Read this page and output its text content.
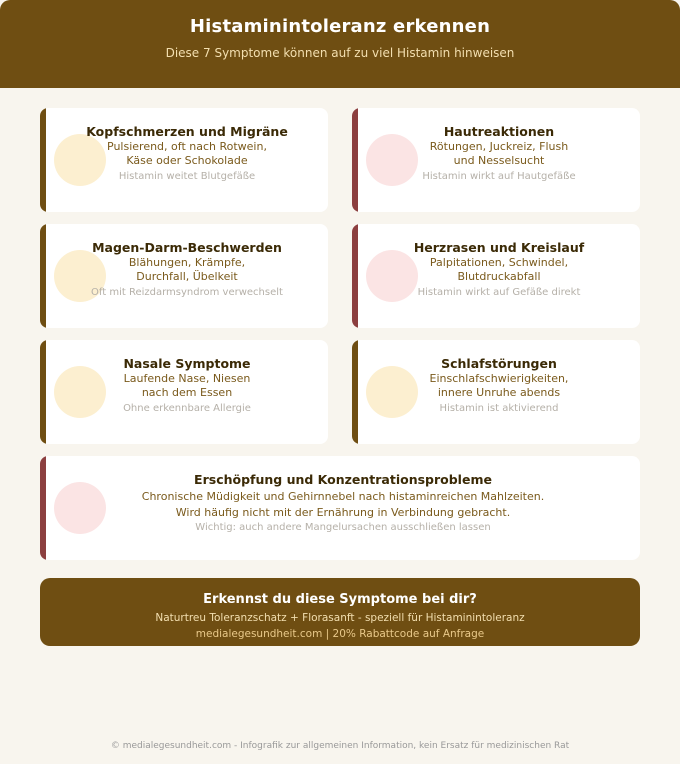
Histaminintoleranz erkennen
Diese 7 Symptome können auf zu viel Histamin hinweisen
Kopfschmerzen und Migräne
Pulsierend, oft nach Rotwein,
Käse oder Schokolade
Histamin weitet Blutgefäße
Hautreaktionen
Rötungen, Juckreiz, Flush
und Nesselsucht
Histamin wirkt auf Hautgefäße
Magen-Darm-Beschwerden
Blähungen, Krämpfe,
Durchfall, Übelkeit
Oft mit Reizdarmsyndrom verwechselt
Herzrasen und Kreislauf
Palpitationen, Schwindel,
Blutdruckabfall
Histamin wirkt auf Gefäße direkt
Nasale Symptome
Laufende Nase, Niesen
nach dem Essen
Ohne erkennbare Allergie
Schlafstörungen
Einschlafschwierigkeiten,
innere Unruhe abends
Histamin ist aktivierend
Erschöpfung und Konzentrationsprobleme
Chronische Müdigkeit und Gehirnnebel nach histaminreichen Mahlzeiten.
Wird häufig nicht mit der Ernährung in Verbindung gebracht.
Wichtig: auch andere Mangelursachen ausschließen lassen
Erkennst du diese Symptome bei dir?
Naturtreu Toleranzschatz + Florasanft - speziell für Histaminintoleranz
medialegesundheit.com | 20% Rabattcode auf Anfrage
© medialegesundheit.com - Infografik zur allgemeinen Information, kein Ersatz für medizinischen Rat
